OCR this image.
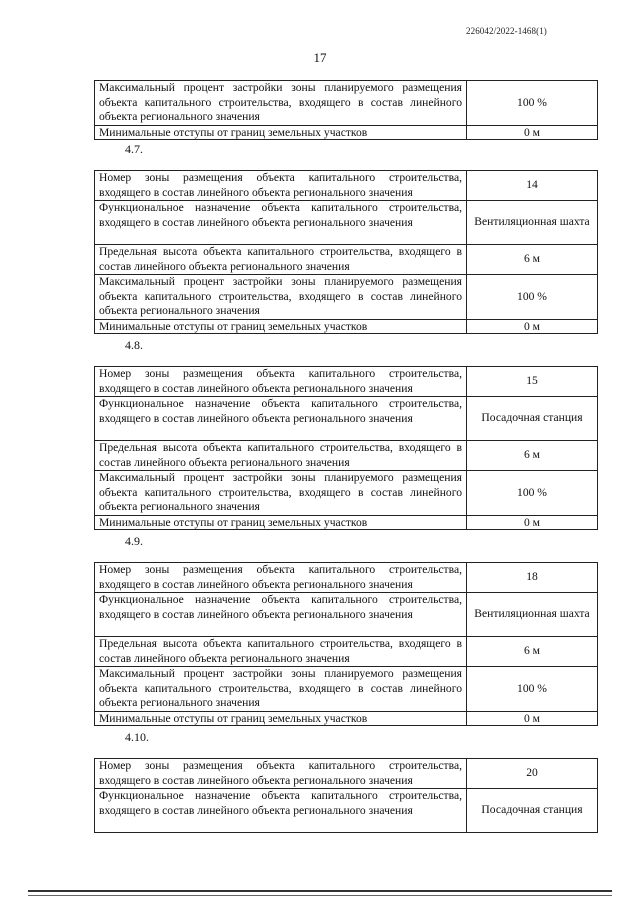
226042/2022-1468(1)
17
Максимальный процент застройки зоны планируемого размещения объекта капитального строительства, входящего в состав линейного объекта регионального значения	100 %
Минимальные отступы от границ земельных участков	0 м
4.7.
Номер зоны размещения объекта капитального строительства, входящего в состав линейного объекта регионального значения	14
Функциональное назначение объекта капитального строительства, входящего в состав линейного объекта регионального значения	Вентиляционная шахта
Предельная высота объекта капитального строительства, входящего в состав линейного объекта регионального значения	6 м
Максимальный процент застройки зоны планируемого размещения объекта капитального строительства, входящего в состав линейного объекта регионального значения	100 %
Минимальные отступы от границ земельных участков	0 м
4.8.
Номер зоны размещения объекта капитального строительства, входящего в состав линейного объекта регионального значения	15
Функциональное назначение объекта капитального строительства, входящего в состав линейного объекта регионального значения	Посадочная станция
Предельная высота объекта капитального строительства, входящего в состав линейного объекта регионального значения	6 м
Максимальный процент застройки зоны планируемого размещения объекта капитального строительства, входящего в состав линейного объекта регионального значения	100 %
Минимальные отступы от границ земельных участков	0 м
4.9.
Номер зоны размещения объекта капитального строительства, входящего в состав линейного объекта регионального значения	18
Функциональное назначение объекта капитального строительства, входящего в состав линейного объекта регионального значения	Вентиляционная шахта
Предельная высота объекта капитального строительства, входящего в состав линейного объекта регионального значения	6 м
Максимальный процент застройки зоны планируемого размещения объекта капитального строительства, входящего в состав линейного объекта регионального значения	100 %
Минимальные отступы от границ земельных участков	0 м
4.10.
Номер зоны размещения объекта капитального строительства, входящего в состав линейного объекта регионального значения	20
Функциональное назначение объекта капитального строительства, входящего в состав линейного объекта регионального значения	Посадочная станция
